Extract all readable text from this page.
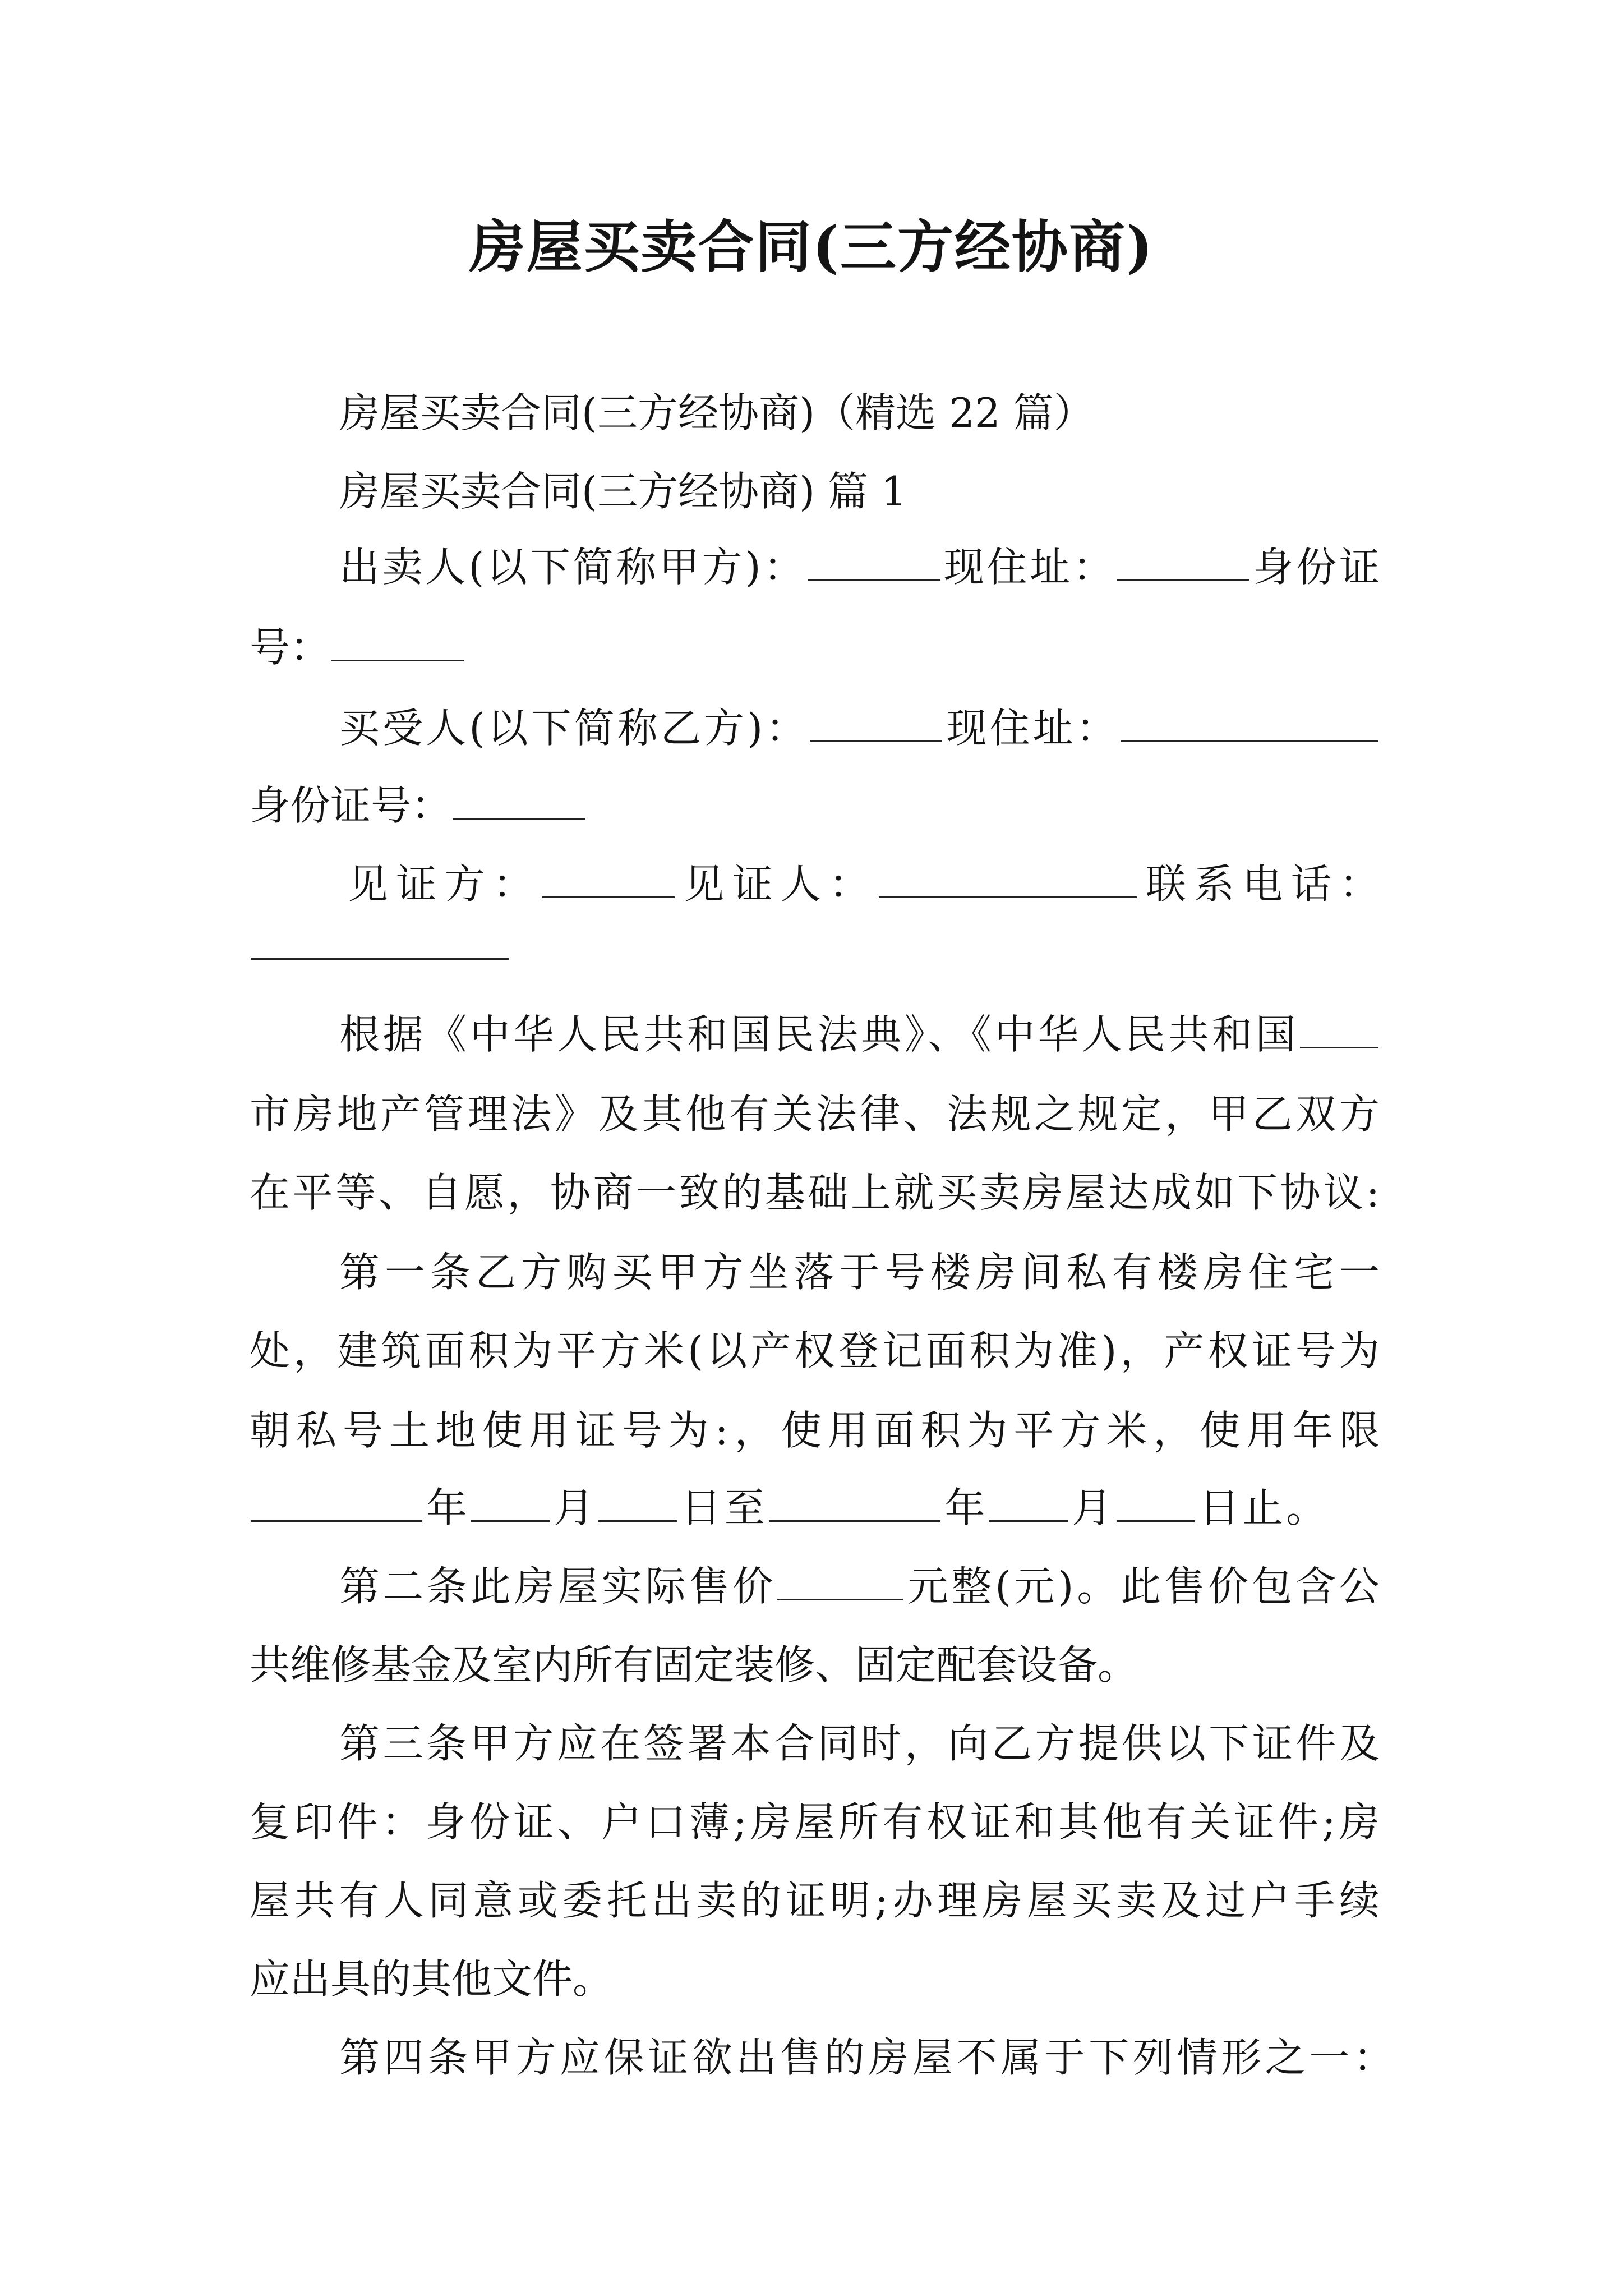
房屋买卖合同(三方经协商)
房屋买卖合同(三方经协商)（精选 22 篇）
房屋买卖合同(三方经协商) 篇 1
出卖人(以下简称甲方)：	现住址：	身份证
号：
买受人(以下简称乙方)：	现住址：
身份证号：
见证方：	见证人：	联系电话：
根据《中华人民共和国民法典》、《中华人民共和国
市房地产管理法》及其他有关法律、法规之规定，甲乙双方
在平等、自愿，协商一致的基础上就买卖房屋达成如下协议:
第一条乙方购买甲方坐落于号楼房间私有楼房住宅一
处，建筑面积为平方米(以产权登记面积为准)，产权证号为
朝私号土地使用证号为:，使用面积为平方米，使用年限
年 月 日至	年 月 日止。
第二条此房屋实际售价	元整(元)。此售价包含公
共维修基金及室内所有固定装修、固定配套设备。
第三条甲方应在签署本合同时，向乙方提供以下证件及
复印件：身份证、户口薄;房屋所有权证和其他有关证件;房
屋共有人同意或委托出卖的证明;办理房屋买卖及过户手续
应出具的其他文件。
第四条甲方应保证欲出售的房屋不属于下列情形之一：
